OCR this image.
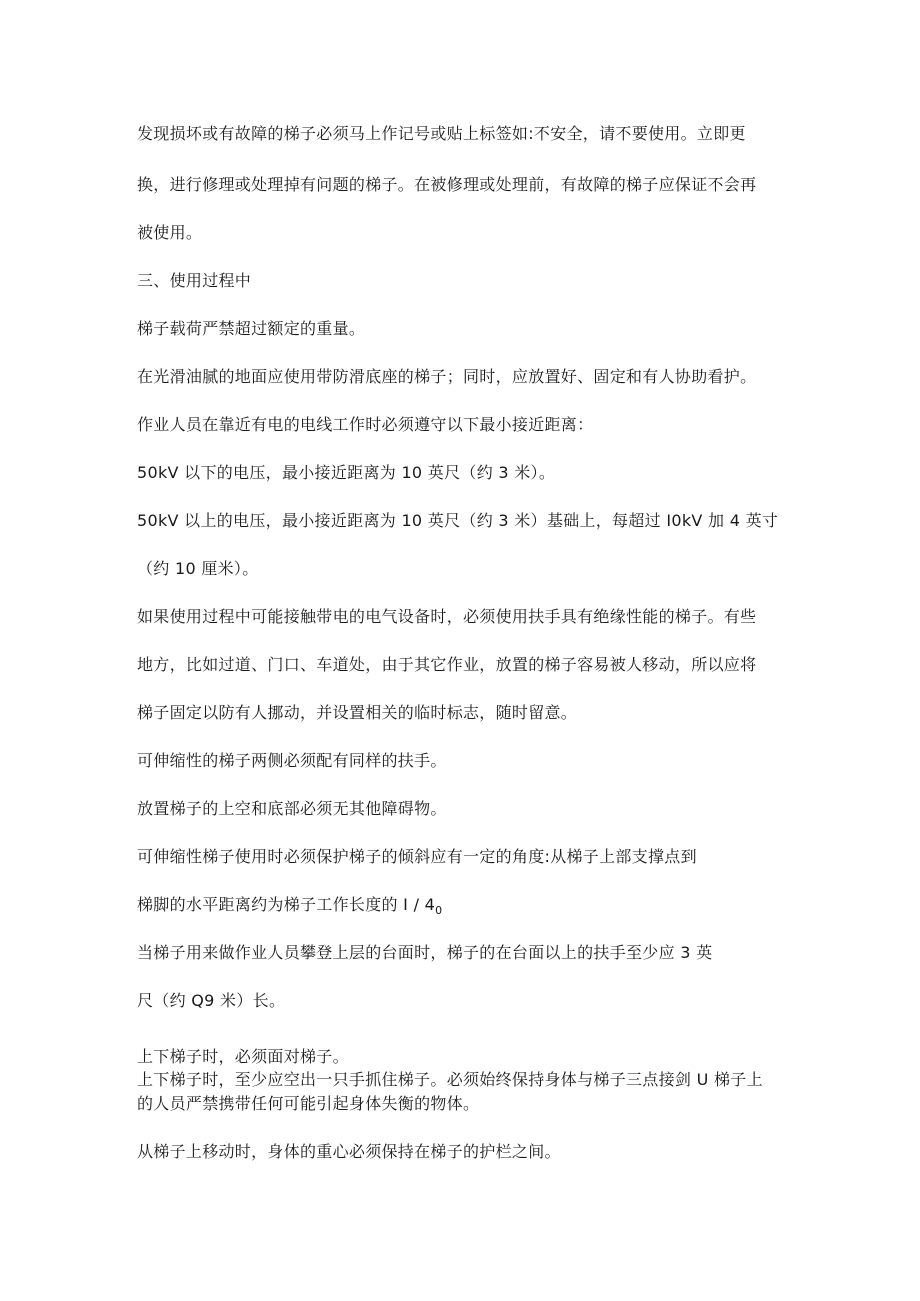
发现损坏或有故障的梯子必须马上作记号或贴上标签如:不安全，请不要使用。立即更

换，进行修理或处理掉有问题的梯子。在被修理或处理前，有故障的梯子应保证不会再

被使用。

三、使用过程中

梯子载荷严禁超过额定的重量。

在光滑油腻的地面应使用带防滑底座的梯子；同时，应放置好、固定和有人协助看护。

作业人员在靠近有电的电线工作时必须遵守以下最小接近距离：

50kV 以下的电压，最小接近距离为 10 英尺（约 3 米）。

50kV 以上的电压，最小接近距离为 10 英尺（约 3 米）基础上，每超过 I0kV 加 4 英寸

（约 10 厘米）。

如果使用过程中可能接触带电的电气设备时，必须使用扶手具有绝缘性能的梯子。有些

地方，比如过道、门口、车道处，由于其它作业，放置的梯子容易被人移动，所以应将

梯子固定以防有人挪动，并设置相关的临时标志，随时留意。

可伸缩性的梯子两侧必须配有同样的扶手。

放置梯子的上空和底部必须无其他障碍物。

可伸缩性梯子使用时必须保护梯子的倾斜应有一定的角度:从梯子上部支撑点到

梯脚的水平距离约为梯子工作长度的 I / $4_0$

当梯子用来做作业人员攀登上层的台面时，梯子的在台面以上的扶手至少应 3 英

尺（约 Q9 米）长。

上下梯子时，必须面对梯子。

上下梯子时，至少应空出一只手抓住梯子。必须始终保持身体与梯子三点接剑 U 梯子上

的人员严禁携带任何可能引起身体失衡的物体。

从梯子上移动时，身体的重心必须保持在梯子的护栏之间。
